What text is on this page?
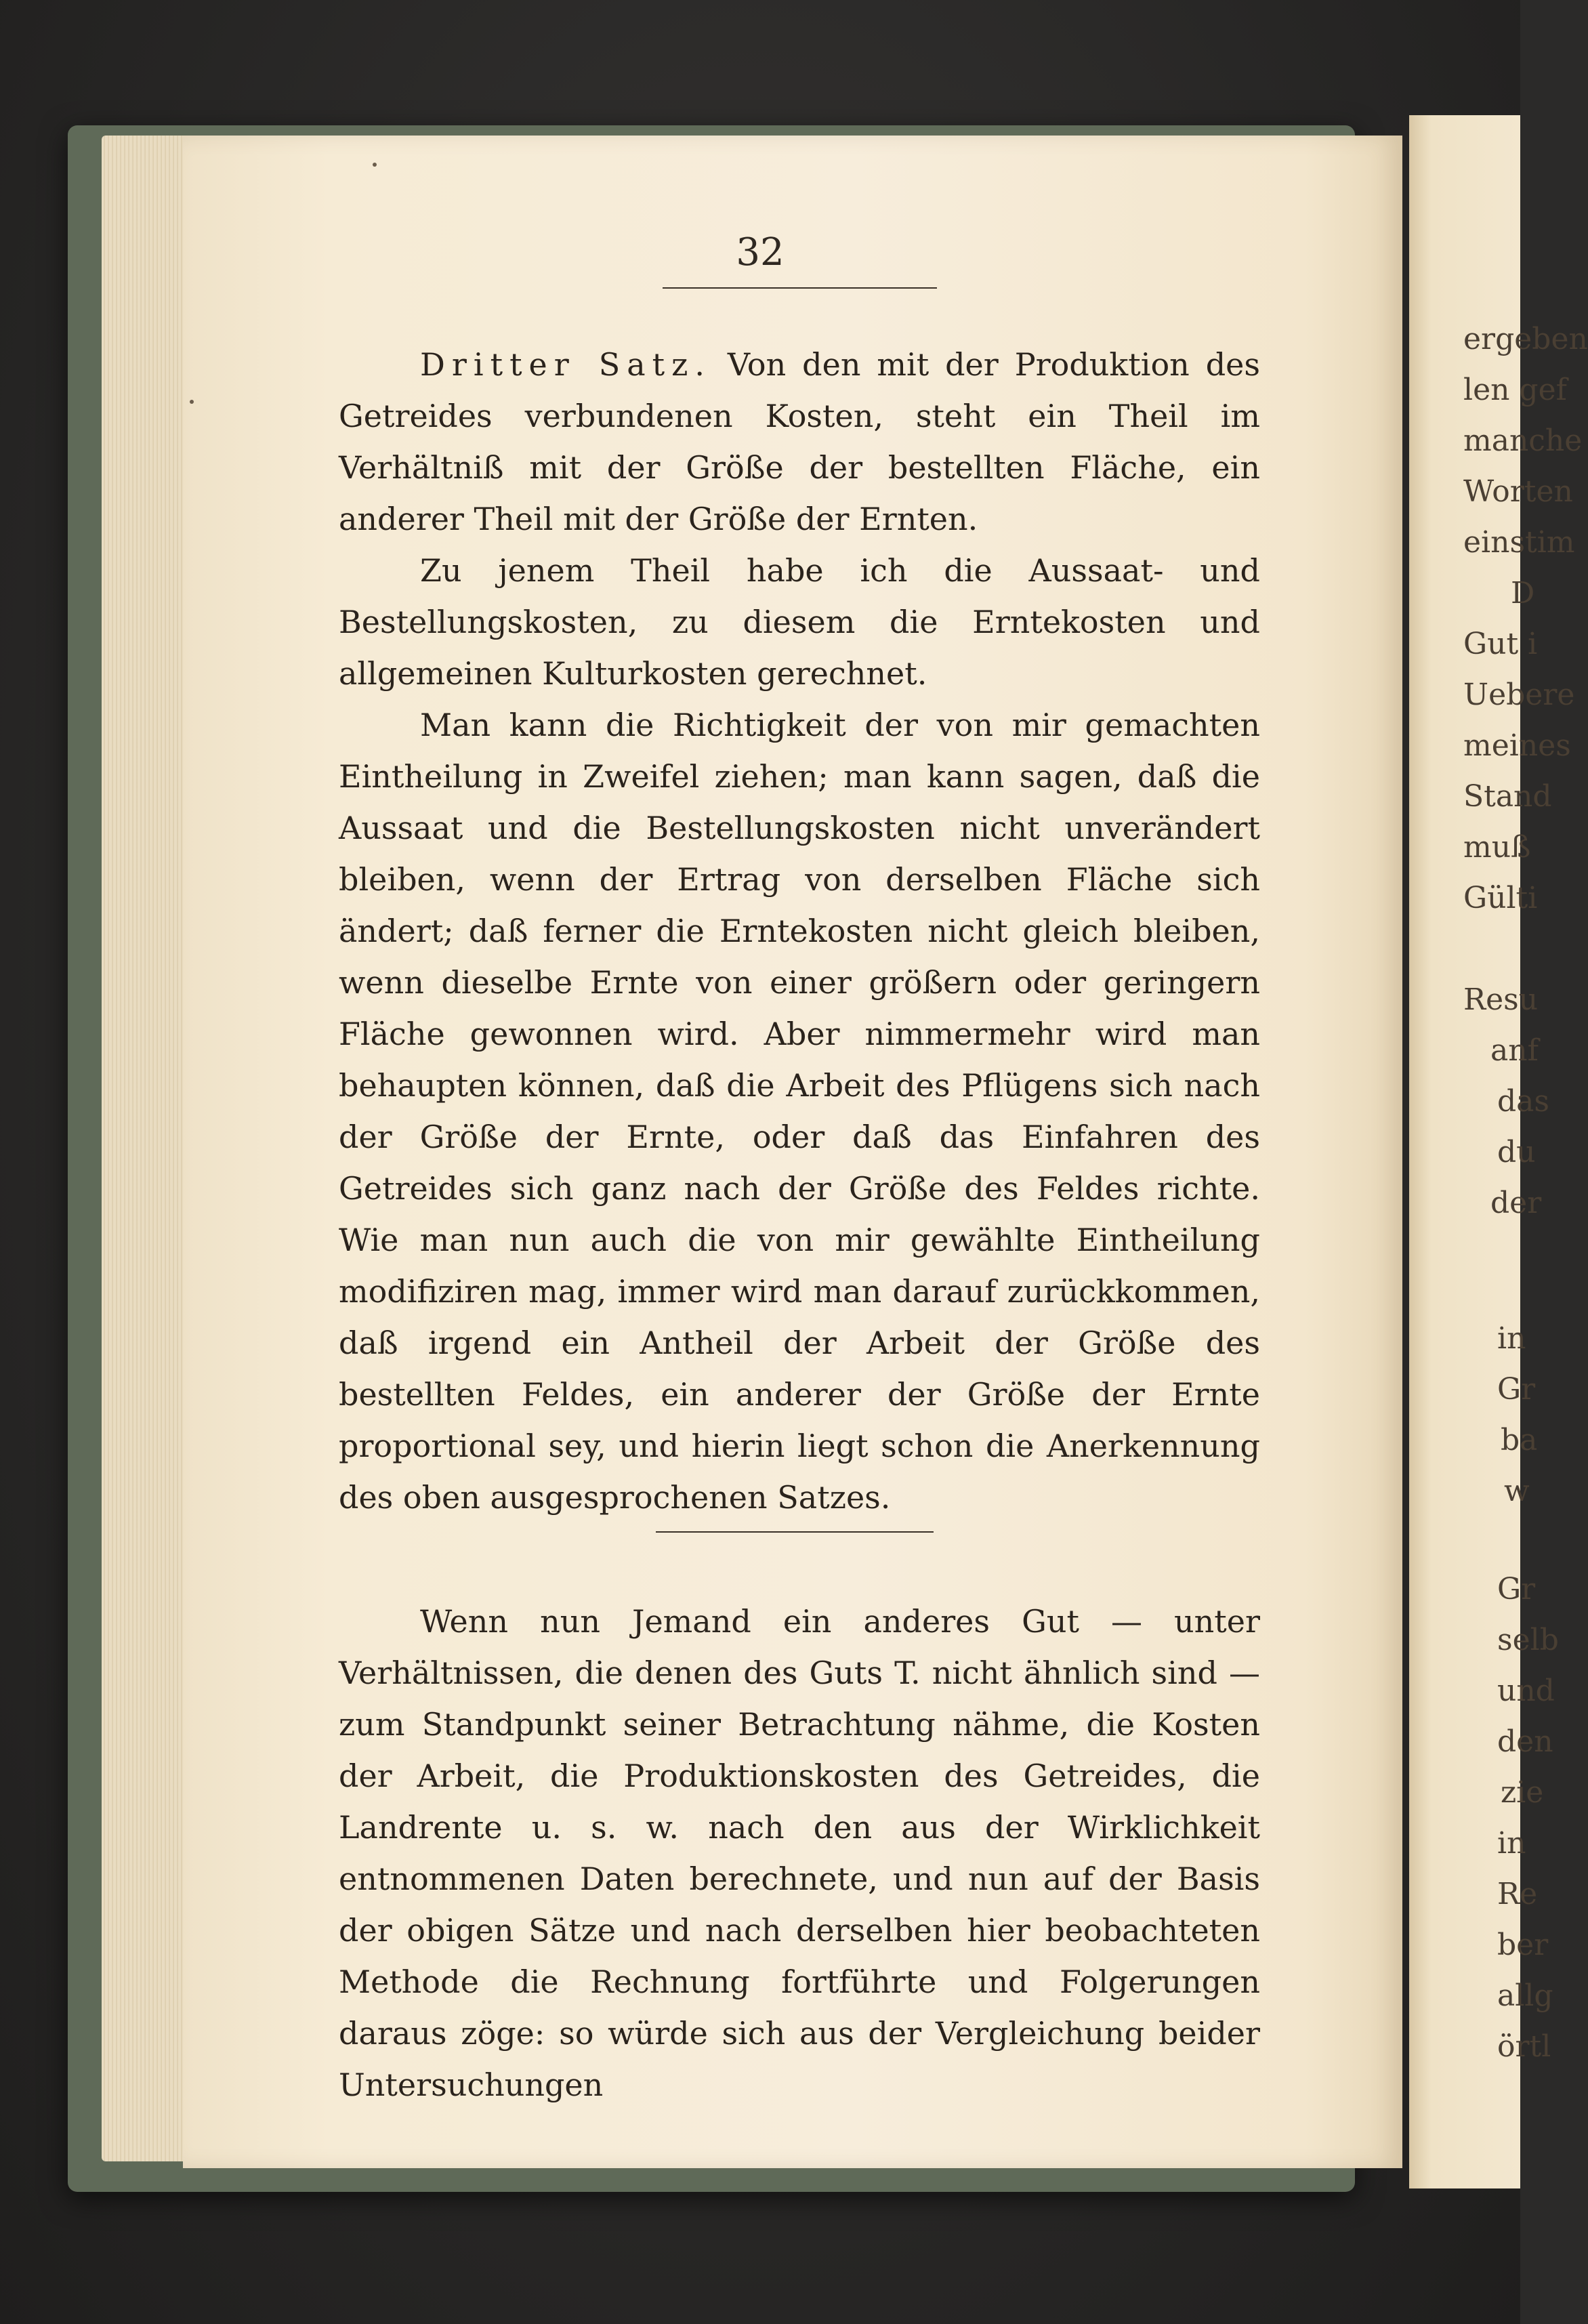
ergeben
len gef
manche
Worten
einstim
D
Gut i
Uebere
meines
Stand
muß
Gülti
Resu
anf
das
du
der
in
Gr
ba
w
Gr
selb
und
den
zie
in
Re
ber
allg
örtl
32

Dritter Satz. Von den mit der Produktion des Getreides verbundenen Kosten, steht ein Theil im Verhältniß mit der Größe der bestellten Fläche, ein anderer Theil mit der Größe der Ernten.

Zu jenem Theil habe ich die Aussaat- und Bestellungskosten, zu diesem die Erntekosten und allgemeinen Kulturkosten gerechnet.

Man kann die Richtigkeit der von mir gemachten Eintheilung in Zweifel ziehen; man kann sagen, daß die Aussaat und die Bestellungskosten nicht unverändert bleiben, wenn der Ertrag von derselben Fläche sich ändert; daß ferner die Erntekosten nicht gleich bleiben, wenn dieselbe Ernte von einer größern oder geringern Fläche gewonnen wird. Aber nimmermehr wird man behaupten können, daß die Arbeit des Pflügens sich nach der Größe der Ernte, oder daß das Einfahren des Getreides sich ganz nach der Größe des Feldes richte. Wie man nun auch die von mir gewählte Eintheilung modifiziren mag, immer wird man darauf zurückkommen, daß irgend ein Antheil der Arbeit der Größe des bestellten Feldes, ein anderer der Größe der Ernte proportional sey, und hierin liegt schon die Anerkennung des oben ausgesprochenen Satzes.

Wenn nun Jemand ein anderes Gut — unter Verhältnissen, die denen des Guts T. nicht ähnlich sind — zum Standpunkt seiner Betrachtung nähme, die Kosten der Arbeit, die Produktionskosten des Getreides, die Landrente u. s. w. nach den aus der Wirklichkeit entnommenen Daten berechnete, und nun auf der Basis der obigen Sätze und nach derselben hier beobachteten Methode die Rechnung fortführte und Folgerungen daraus zöge: so würde sich aus der Vergleichung beider Untersuchungen
